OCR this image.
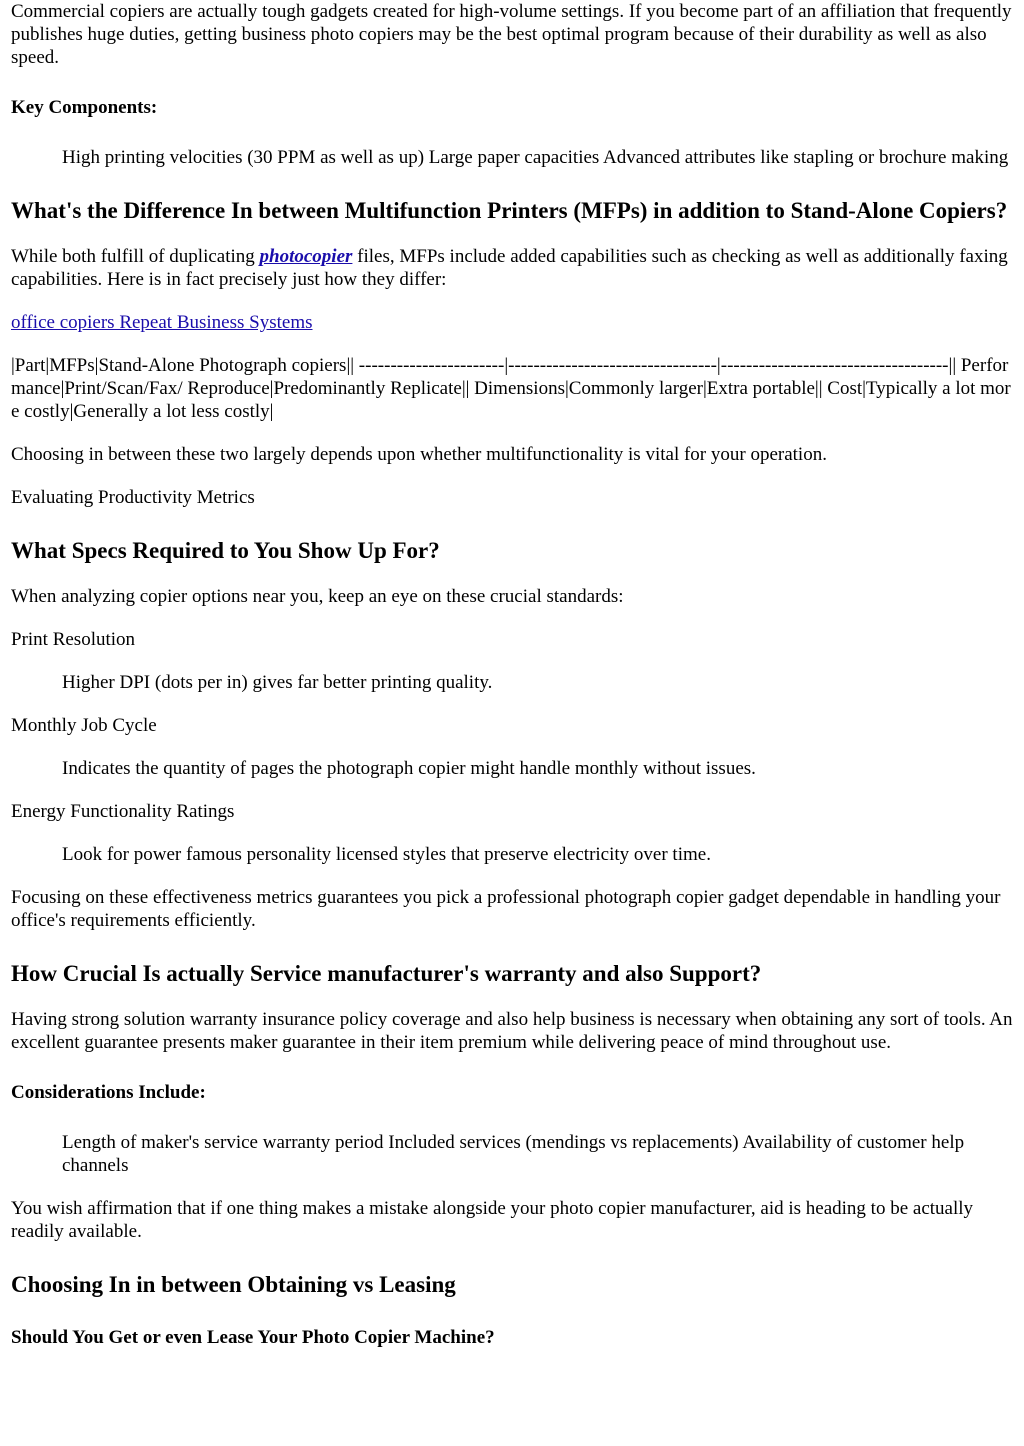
Commercial copiers are actually tough gadgets created for high-volume settings. If you become part of an affiliation that frequently publishes huge duties, getting business photo copiers may be the best optimal program because of their durability as well as also speed.

Key Components:
High printing velocities (30 PPM as well as up) Large paper capacities Advanced attributes like stapling or brochure making
What's the Difference In between Multifunction Printers (MFPs) in addition to Stand-Alone Copiers?

While both fulfill of duplicating photocopier files, MFPs include added capabilities such as checking as well as additionally faxing capabilities. Here is in fact precisely just how they differ:

office copiers Repeat Business Systems

|Part|MFPs|Stand-Alone Photograph copiers|| -----------------------|---------------------------------|------------------------------------|| Performance|Print/Scan/Fax/ Reproduce|Predominantly Replicate|| Dimensions|Commonly larger|Extra portable|| Cost|Typically a lot more costly|Generally a lot less costly|

Choosing in between these two largely depends upon whether multifunctionality is vital for your operation.

Evaluating Productivity Metrics

What Specs Required to You Show Up For?

When analyzing copier options near you, keep an eye on these crucial standards:

Print Resolution

Higher DPI (dots per in) gives far better printing quality.

Monthly Job Cycle

Indicates the quantity of pages the photograph copier might handle monthly without issues.

Energy Functionality Ratings

Look for power famous personality licensed styles that preserve electricity over time.

Focusing on these effectiveness metrics guarantees you pick a professional photograph copier gadget dependable in handling your office's requirements efficiently.

How Crucial Is actually Service manufacturer's warranty and also Support?

Having strong solution warranty insurance policy coverage and also help business is necessary when obtaining any sort of tools. An excellent guarantee presents maker guarantee in their item premium while delivering peace of mind throughout use.

Considerations Include:
Length of maker's service warranty period Included services (mendings vs replacements) Availability of customer help channels

You wish affirmation that if one thing makes a mistake alongside your photo copier manufacturer, aid is heading to be actually readily available.

Choosing In in between Obtaining vs Leasing
Should You Get or even Lease Your Photo Copier Machine?
